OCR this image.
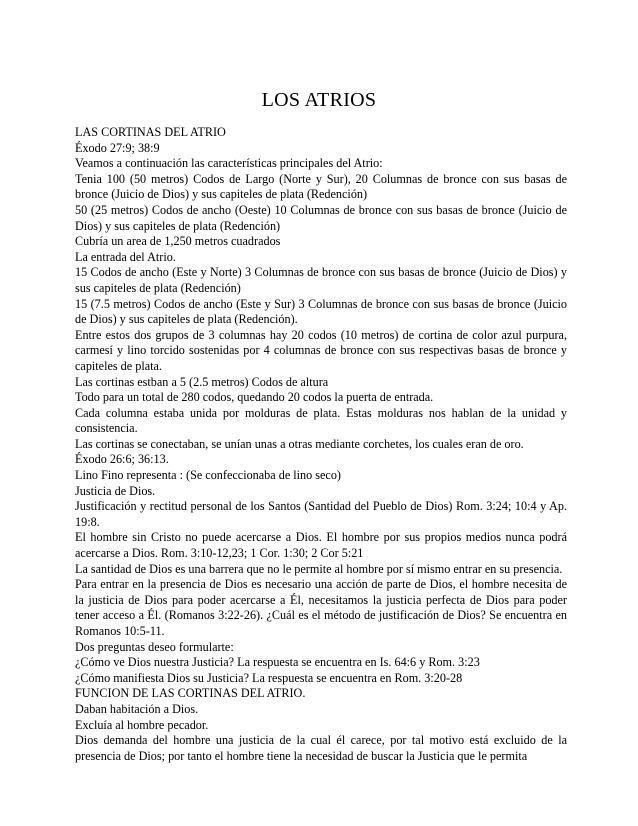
LOS ATRIOS

LAS CORTINAS DEL ATRIO

Éxodo 27:9; 38:9

Veamos a continuación las características principales del Atrio:

Tenia 100 (50 metros) Codos de Largo (Norte y Sur), 20 Columnas de bronce con sus basas de bronce (Juicio de Dios) y sus capiteles de plata (Redención)

50 (25 metros) Codos de ancho (Oeste) 10 Columnas de bronce con sus basas de bronce (Juicio de Dios) y sus capiteles de plata (Redención)

Cubría un area de 1,250 metros cuadrados

La entrada del Atrio.

15 Codos de ancho (Este y Norte) 3 Columnas de bronce con sus basas de bronce (Juicio de Dios) y sus capiteles de plata (Redención)

15 (7.5 metros) Codos de ancho (Este y Sur) 3 Columnas de bronce con sus basas de bronce (Juicio de Dios) y sus capiteles de plata (Redención).

Entre estos dos grupos de 3 columnas hay 20 codos (10 metros) de cortina de color azul purpura, carmesí y lino torcido sostenidas por 4 columnas de bronce con sus respectivas basas de bronce y capiteles de plata.

Las cortinas estban a 5 (2.5 metros) Codos de altura

Todo para un total de 280 codos, quedando 20 codos la puerta de entrada.

Cada columna estaba unida por molduras de plata. Estas molduras nos hablan de la unidad y consistencia.

Las cortinas se conectaban, se unían unas a otras mediante corchetes, los cuales eran de oro.

Éxodo 26:6; 36:13.

Lino Fino representa : (Se confeccionaba de lino seco)

Justicia de Dios.

Justificación y rectitud personal de los Santos (Santidad del Pueblo de Dios) Rom. 3:24; 10:4 y Ap. 19:8.

El hombre sin Cristo no puede acercarse a Dios. El hombre por sus propios medios nunca podrá acercarse a Dios. Rom. 3:10-12,23; 1 Cor. 1:30; 2 Cor 5:21

La santidad de Dios es una barrera que no le permite al hombre por sí mismo entrar en su presencia.

Para entrar en la presencia de Dios es necesario una acción de parte de Dios, el hombre necesita de la justicia de Dios para poder acercarse a Él, necesitamos la justicia perfecta de Dios para poder tener acceso a Él. (Romanos 3:22-26). ¿Cuál es el método de justificación de Dios? Se encuentra en Romanos 10:5-11.

Dos preguntas deseo formularte:

¿Cómo ve Dios nuestra Justicia? La respuesta se encuentra en Is. 64:6 y Rom. 3:23

¿Cómo manifiesta Dios su Justicia? La respuesta se encuentra en Rom. 3:20-28

FUNCION DE LAS CORTINAS DEL ATRIO.

Daban habitación a Dios.

Excluía al hombre pecador.

Dios demanda del hombre una justicia de la cual él carece, por tal motivo está excluido de la presencia de Dios; por tanto el hombre tiene la necesidad de buscar la Justicia que le permita
